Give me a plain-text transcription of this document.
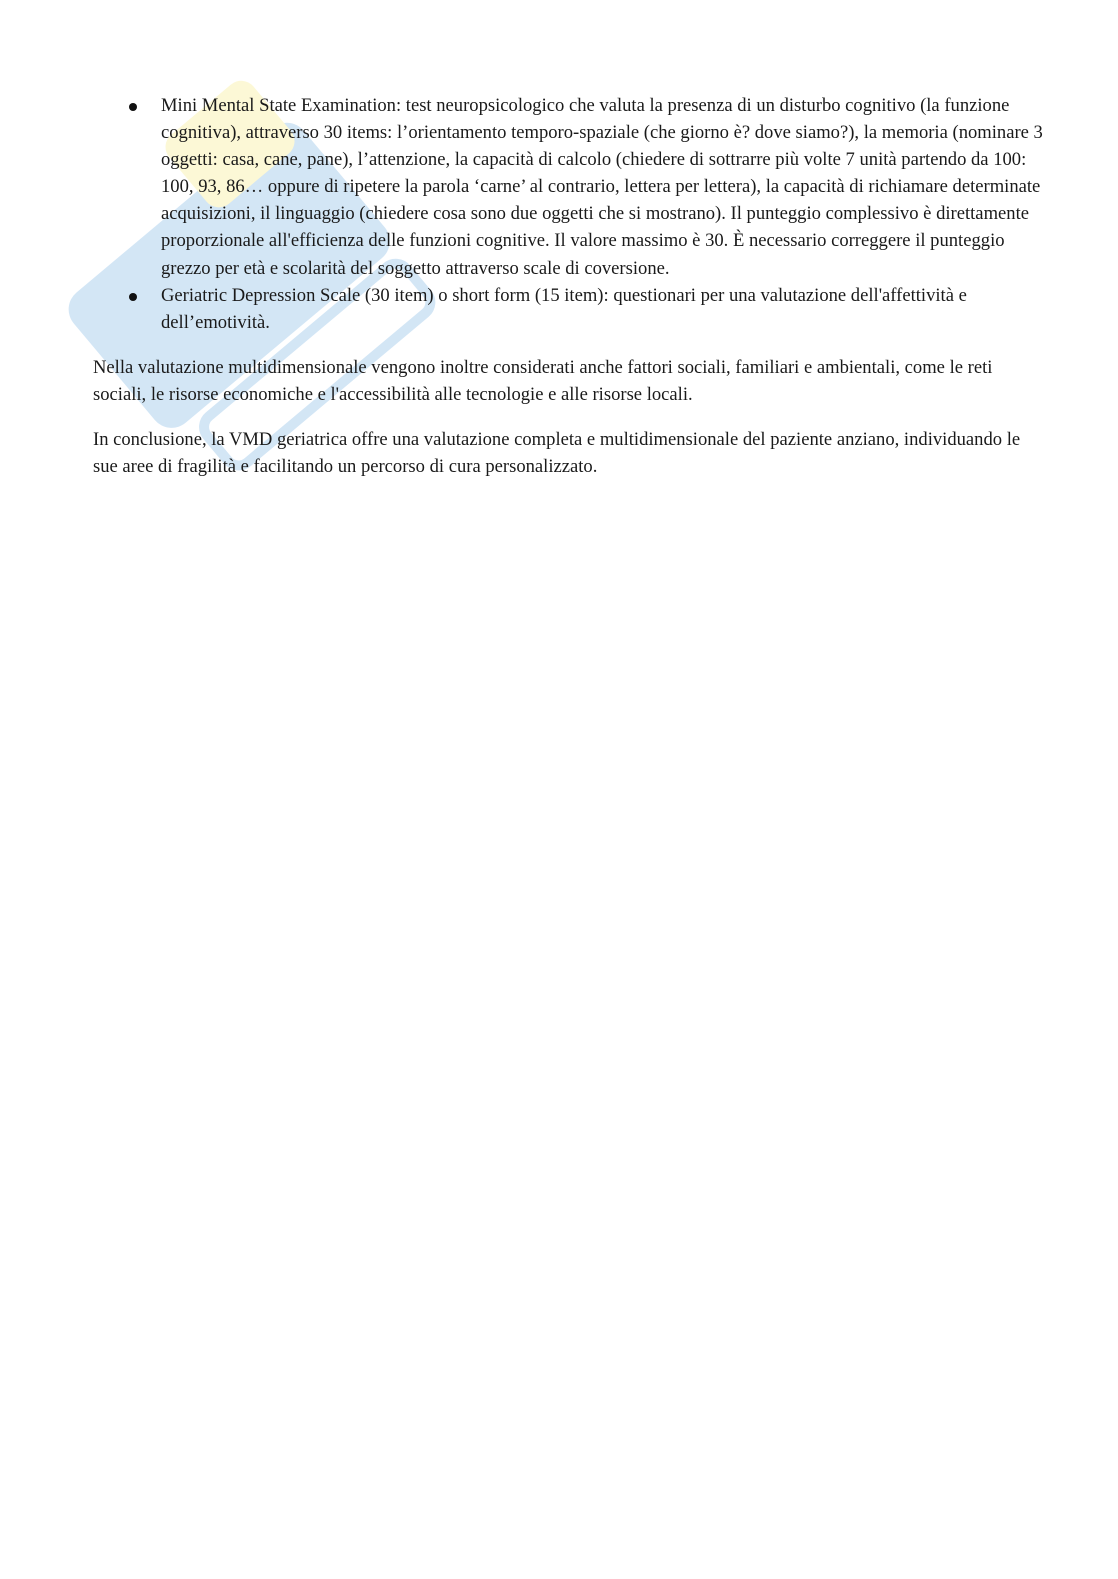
Mini Mental State Examination: test neuropsicologico che valuta la presenza di un disturbo cognitivo (la funzione cognitiva), attraverso 30 items: l’orientamento temporo-spaziale (che giorno è? dove siamo?), la memoria (nominare 3 oggetti: casa, cane, pane), l’attenzione, la capacità di calcolo (chiedere di sottrarre più volte 7 unità partendo da 100: 100, 93, 86… oppure di ripetere la parola ‘carne’ al contrario, lettera per lettera), la capacità di richiamare determinate acquisizioni, il linguaggio (chiedere cosa sono due oggetti che si mostrano). Il punteggio complessivo è direttamente proporzionale all'efficienza delle funzioni cognitive. Il valore massimo è 30. È necessario correggere il punteggio grezzo per età e scolarità del soggetto attraverso scale di coversione.
Geriatric Depression Scale (30 item) o short form (15 item): questionari per una valutazione dell'affettività e dell’emotività.

Nella valutazione multidimensionale vengono inoltre considerati anche fattori sociali, familiari e ambientali, come le reti sociali, le risorse economiche e l'accessibilità alle tecnologie e alle risorse locali.

In conclusione, la VMD geriatrica offre una valutazione completa e multidimensionale del paziente anziano, individuando le sue aree di fragilità e facilitando un percorso di cura personalizzato.
